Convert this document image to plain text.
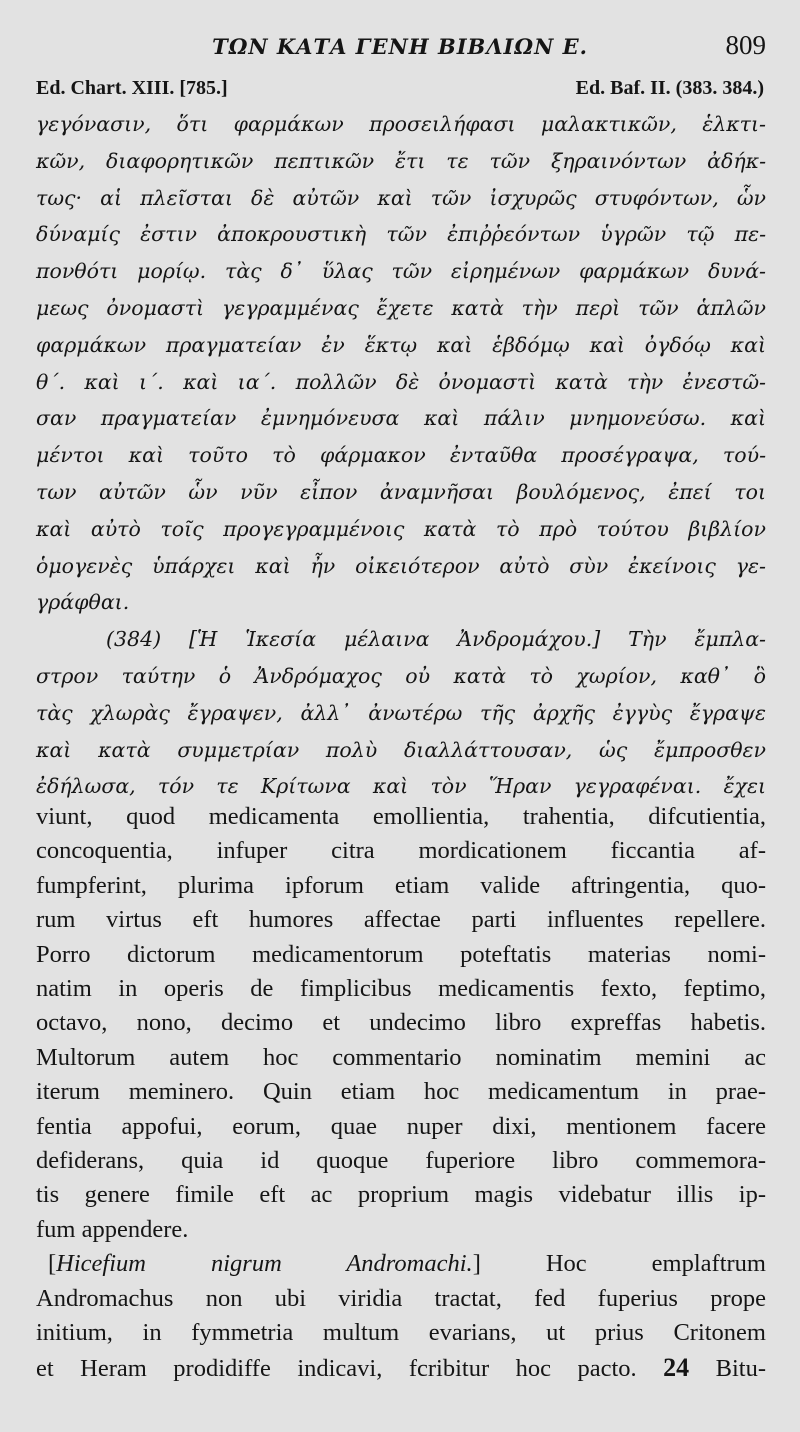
ΤΩΝ ΚΑΤΑ ΓΕΝΗ ΒΙΒΛΙΩΝ Ε.	809
Ed. Chart. XIII. [785.]	Ed. Baf. II. (383. 384.)
γεγόνασιν, ὅτι φαρμάκων προσειλήφασι μαλακτικῶν, ἑλκτι-
κῶν, διαφορητικῶν πεπτικῶν ἔτι τε τῶν ξηραινόντων ἀδήκ-
τως· αἱ πλεῖσται δὲ αὐτῶν καὶ τῶν ἰσχυρῶς στυφόντων, ὧν
δύναμίς ἐστιν ἀποκρουστικὴ τῶν ἐπιῤῥεόντων ὑγρῶν τῷ πε-
πονθότι μορίῳ. τὰς δ᾽ ὕλας τῶν εἰρημένων φαρμάκων δυνά-
μεως ὀνομαστὶ γεγραμμένας ἔχετε κατὰ τὴν περὶ τῶν ἁπλῶν
φαρμάκων πραγματείαν ἐν ἕκτῳ καὶ ἑβδόμῳ καὶ ὀγδόῳ καὶ
θ΄. καὶ ι΄. καὶ ια΄. πολλῶν δὲ ὀνομαστὶ κατὰ τὴν ἐνεστῶ-
σαν πραγματείαν ἐμνημόνευσα καὶ πάλιν μνημονεύσω. καὶ
μέντοι καὶ τοῦτο τὸ φάρμακον ἐνταῦθα προσέγραψα, τού-
των αὐτῶν ὧν νῦν εἶπον ἀναμνῆσαι βουλόμενος, ἐπεί τοι
καὶ αὐτὸ τοῖς προγεγραμμένοις κατὰ τὸ πρὸ τούτου βιβλίον
ὁμογενὲς ὑπάρχει καὶ ἦν οἰκειότερον αὐτὸ σὺν ἐκείνοις γε-
γράφθαι.
(384) [Ἡ Ἱκεσία μέλαινα Ἀνδρομάχου.] Τὴν ἔμπλα-
στρον ταύτην ὁ Ἀνδρόμαχος οὐ κατὰ τὸ χωρίον, καθ᾽ ὃ
τὰς χλωρὰς ἔγραψεν, ἀλλ᾽ ἀνωτέρω τῆς ἀρχῆς ἐγγὺς ἔγραψε
καὶ κατὰ συμμετρίαν πολὺ διαλλάττουσαν, ὡς ἔμπροσθεν
ἐδήλωσα, τόν τε Κρίτωνα καὶ τὸν Ἥραν γεγραφέναι. ἔχει
viunt, quod medicamenta emollientia, trahentia, difcutientia,
concoquentia, infuper citra mordicationem ficcantia af-
fumpferint, plurima ipforum etiam valide aftringentia, quo-
rum virtus eft humores affectae parti influentes repellere.
Porro dictorum medicamentorum poteftatis materias nomi-
natim in operis de fimplicibus medicamentis fexto, feptimo,
octavo, nono, decimo et undecimo libro expreffas habetis.
Multorum autem hoc commentario nominatim memini ac
iterum meminero. Quin etiam hoc medicamentum in prae-
fentia appofui, eorum, quae nuper dixi, mentionem facere
defiderans, quia id quoque fuperiore libro commemora-
tis genere fimile eft ac proprium magis videbatur illis ip-
fum appendere.
[Hicefium nigrum Andromachi.] Hoc emplaftrum
Andromachus non ubi viridia tractat, fed fuperius prope
initium, in fymmetria multum evarians, ut prius Critonem
et Heram prodidiffe indicavi, fcribitur hoc pacto. 24 Bitu-
